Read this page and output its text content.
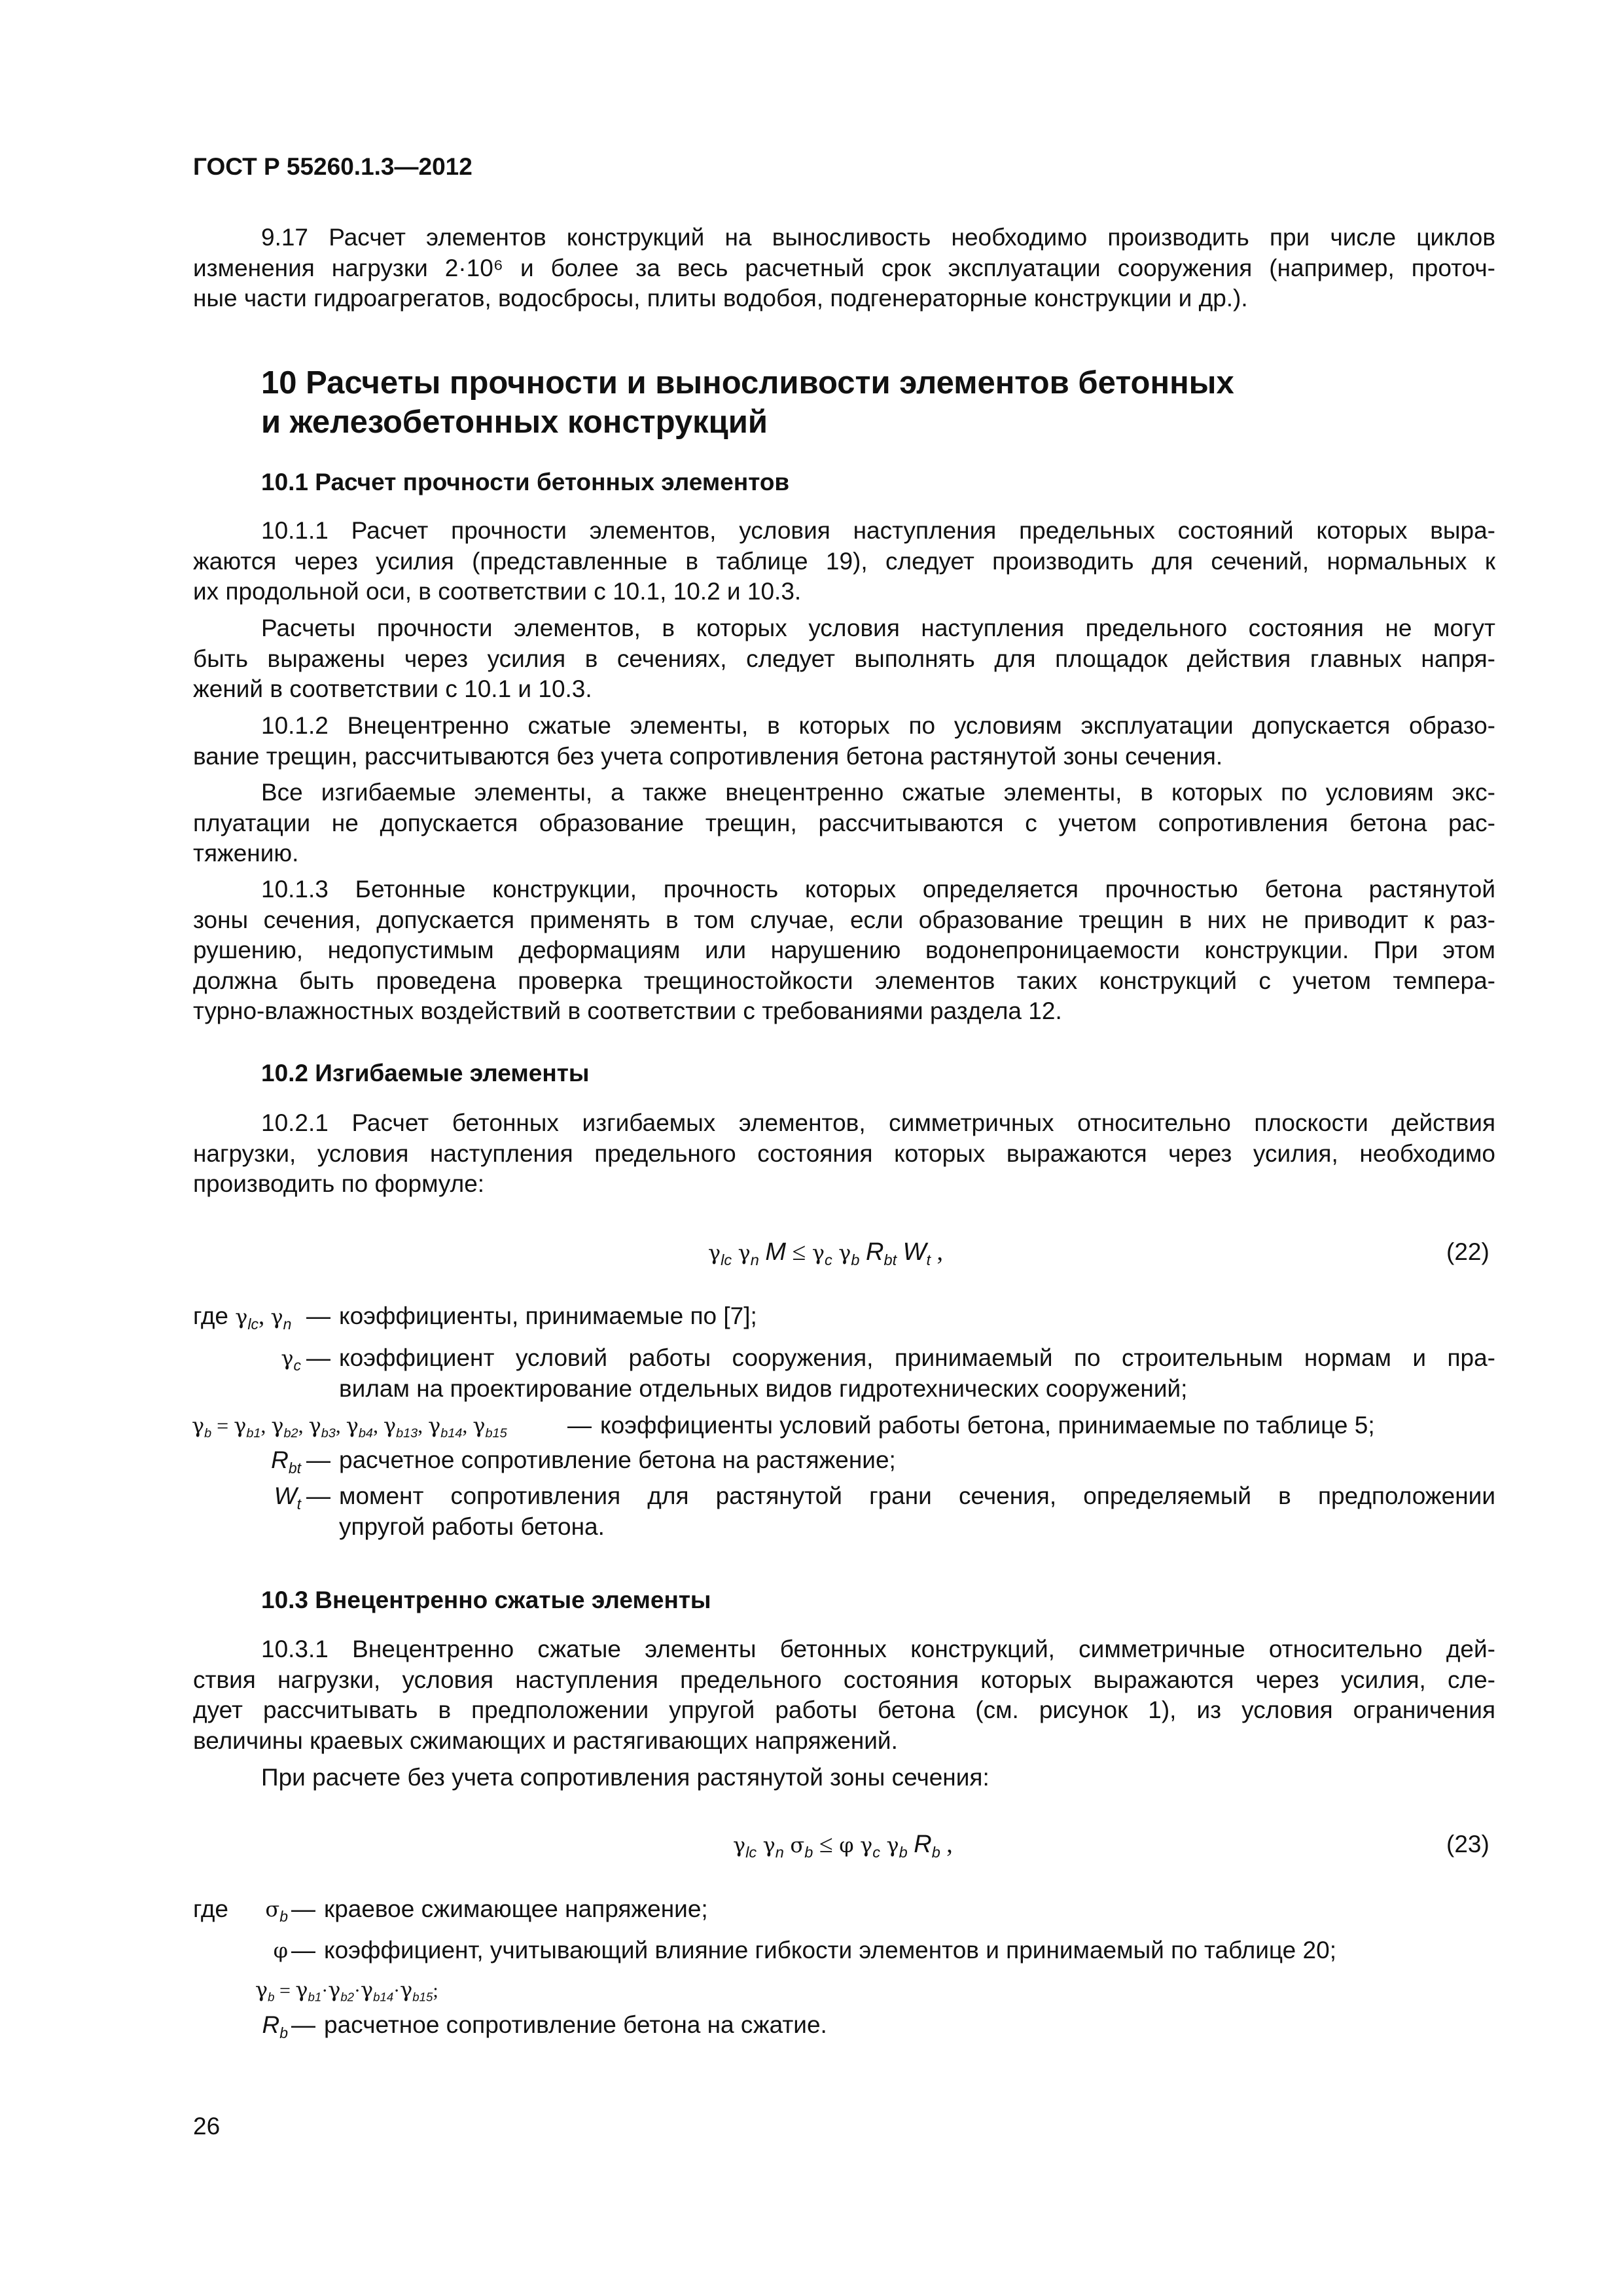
ГОСТ Р 55260.1.3—2012
9.17 Расчет элементов конструкций на выносливость необходимо производить при числе циклов
изменения нагрузки 2·10⁶ и более за весь расчетный срок эксплуатации сооружения (например, проточ-
ные части гидроагрегатов, водосбросы, плиты водобоя, подгенераторные конструкции и др.).
10 Расчеты прочности и выносливости элементов бетонных
и железобетонных конструкций
10.1 Расчет прочности бетонных элементов
10.1.1 Расчет прочности элементов, условия наступления предельных состояний которых выра-
жаются через усилия (представленные в таблице 19), следует производить для сечений, нормальных к
их продольной оси, в соответствии с 10.1, 10.2 и 10.3.
Расчеты прочности элементов, в которых условия наступления предельного состояния не могут
быть выражены через усилия в сечениях, следует выполнять для площадок действия главных напря-
жений в соответствии с 10.1 и 10.3.
10.1.2 Внецентренно сжатые элементы, в которых по условиям эксплуатации допускается образо-
вание трещин, рассчитываются без учета сопротивления бетона растянутой зоны сечения.
Все изгибаемые элементы, а также внецентренно сжатые элементы, в которых по условиям экс-
плуатации не допускается образование трещин, рассчитываются с учетом сопротивления бетона рас-
тяжению.
10.1.3 Бетонные конструкции, прочность которых определяется прочностью бетона растянутой
зоны сечения, допускается применять в том случае, если образование трещин в них не приводит к раз-
рушению, недопустимым деформациям или нарушению водонепроницаемости конструкции. При этом
должна быть проведена проверка трещиностойкости элементов таких конструкций с учетом темпера-
турно-влажностных воздействий в соответствии с требованиями раздела 12.
10.2 Изгибаемые элементы
10.2.1 Расчет бетонных изгибаемых элементов, симметричных относительно плоскости действия
нагрузки, условия наступления предельного состояния которых выражаются через усилия, необходимо
производить по формуле:
$\gamma_{lc}$ $\gamma_n$ $M \le \gamma_c$ $\gamma_b$ $R_{bt}$ $W_t$ ,	(22)
где $\gamma_{lc}$, $\gamma_n$ — коэффициенты, принимаемые по [7];
$\gamma_c$ — коэффициент условий работы сооружения, принимаемый по строительным нормам и пра-
вилам на проектирование отдельных видов гидротехнических сооружений;
$\gamma_b = \gamma_{b1}$, $\gamma_{b2}$, $\gamma_{b3}$, $\gamma_{b4}$, $\gamma_{b13}$, $\gamma_{b14}$, $\gamma_{b15}$ — коэффициенты условий работы бетона, принимаемые по таблице 5;
$R_{bt}$ — расчетное сопротивление бетона на растяжение;
$W_t$ — момент сопротивления для растянутой грани сечения, определяемый в предположении
упругой работы бетона.
10.3 Внецентренно сжатые элементы
10.3.1 Внецентренно сжатые элементы бетонных конструкций, симметричные относительно дей-
ствия нагрузки, условия наступления предельного состояния которых выражаются через усилия, сле-
дует рассчитывать в предположении упругой работы бетона (см. рисунок 1), из условия ограничения
величины краевых сжимающих и растягивающих напряжений.
При расчете без учета сопротивления растянутой зоны сечения:
$\gamma_{lc}$ $\gamma_n$ $\sigma_b \le \varphi$ $\gamma_c$ $\gamma_b$ $R_b$ ,	(23)
где	$\sigma_b$ — краевое сжимающее напряжение;
φ — коэффициент, учитывающий влияние гибкости элементов и принимаемый по таблице 20;
$\gamma_b = \gamma_{b1}\cdot\gamma_{b2}\cdot\gamma_{b14}\cdot\gamma_{b15}$;
$R_b$ — расчетное сопротивление бетона на сжатие.
26
